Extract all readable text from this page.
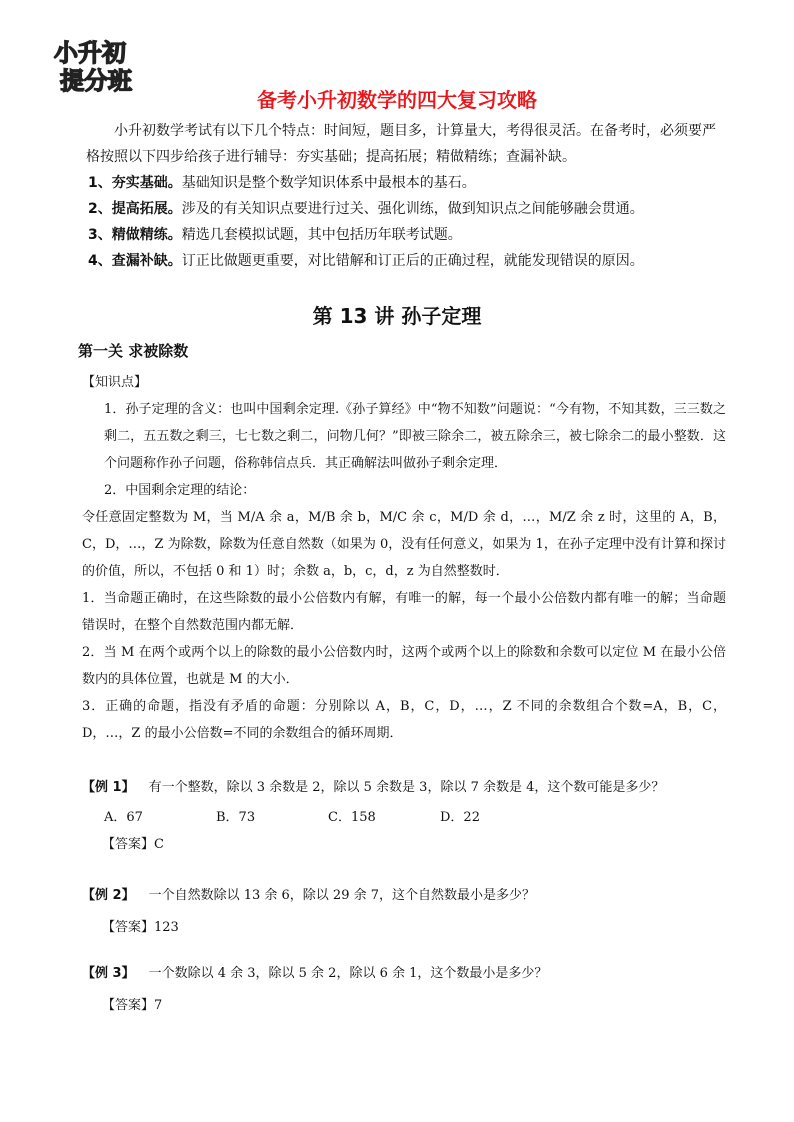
小升初
提分班
备考小升初数学的四大复习攻略

小升初数学考试有以下几个特点：时间短，题目多，计算量大，考得很灵活。在备考时，必须要严格按照以下四步给孩子进行辅导：夯实基础；提高拓展；精做精练；查漏补缺。

1、夯实基础。基础知识是整个数学知识体系中最根本的基石。

2、提高拓展。涉及的有关知识点要进行过关、强化训练，做到知识点之间能够融会贯通。

3、精做精练。精选几套模拟试题，其中包括历年联考试题。

4、查漏补缺。订正比做题更重要，对比错解和订正后的正确过程，就能发现错误的原因。

第 13 讲 孙子定理
第一关 求被除数
【知识点】

1．孙子定理的含义：也叫中国剩余定理.《孙子算经》中“物不知数”问题说：“今有物，不知其数，三三数之剩二，五五数之剩三，七七数之剩二，问物几何？”即被三除余二，被五除余三，被七除余二的最小整数．这个问题称作孙子问题，俗称韩信点兵．其正确解法叫做孙子剩余定理．

2．中国剩余定理的结论：

令任意固定整数为 M，当 M/A 余 a，M/B 余 b，M/C 余 c，M/D 余 d，…，M/Z 余 z 时，这里的 A，B，C，D，…，Z 为除数，除数为任意自然数（如果为 0，没有任何意义，如果为 1，在孙子定理中没有计算和探讨的价值，所以，不包括 0 和 1）时；余数 a，b，c，d，z 为自然整数时．

1．当命题正确时，在这些除数的最小公倍数内有解，有唯一的解，每一个最小公倍数内都有唯一的解；当命题错误时，在整个自然数范围内都无解．

2．当 M 在两个或两个以上的除数的最小公倍数内时，这两个或两个以上的除数和余数可以定位 M 在最小公倍数内的具体位置，也就是 M 的大小．

3．正确的命题，指没有矛盾的命题：分别除以 A，B，C，D，…，Z 不同的余数组合个数=A，B，C，D，…，Z 的最小公倍数=不同的余数组合的循环周期．

【例 1】 有一个整数，除以 3 余数是 2，除以 5 余数是 3，除以 7 余数是 4，这个数可能是多少？
A．67	B．73	C．158	D．22
【答案】C
【例 2】 一个自然数除以 13 余 6，除以 29 余 7，这个自然数最小是多少？
【答案】123
【例 3】 一个数除以 4 余 3，除以 5 余 2，除以 6 余 1，这个数最小是多少？
【答案】7
